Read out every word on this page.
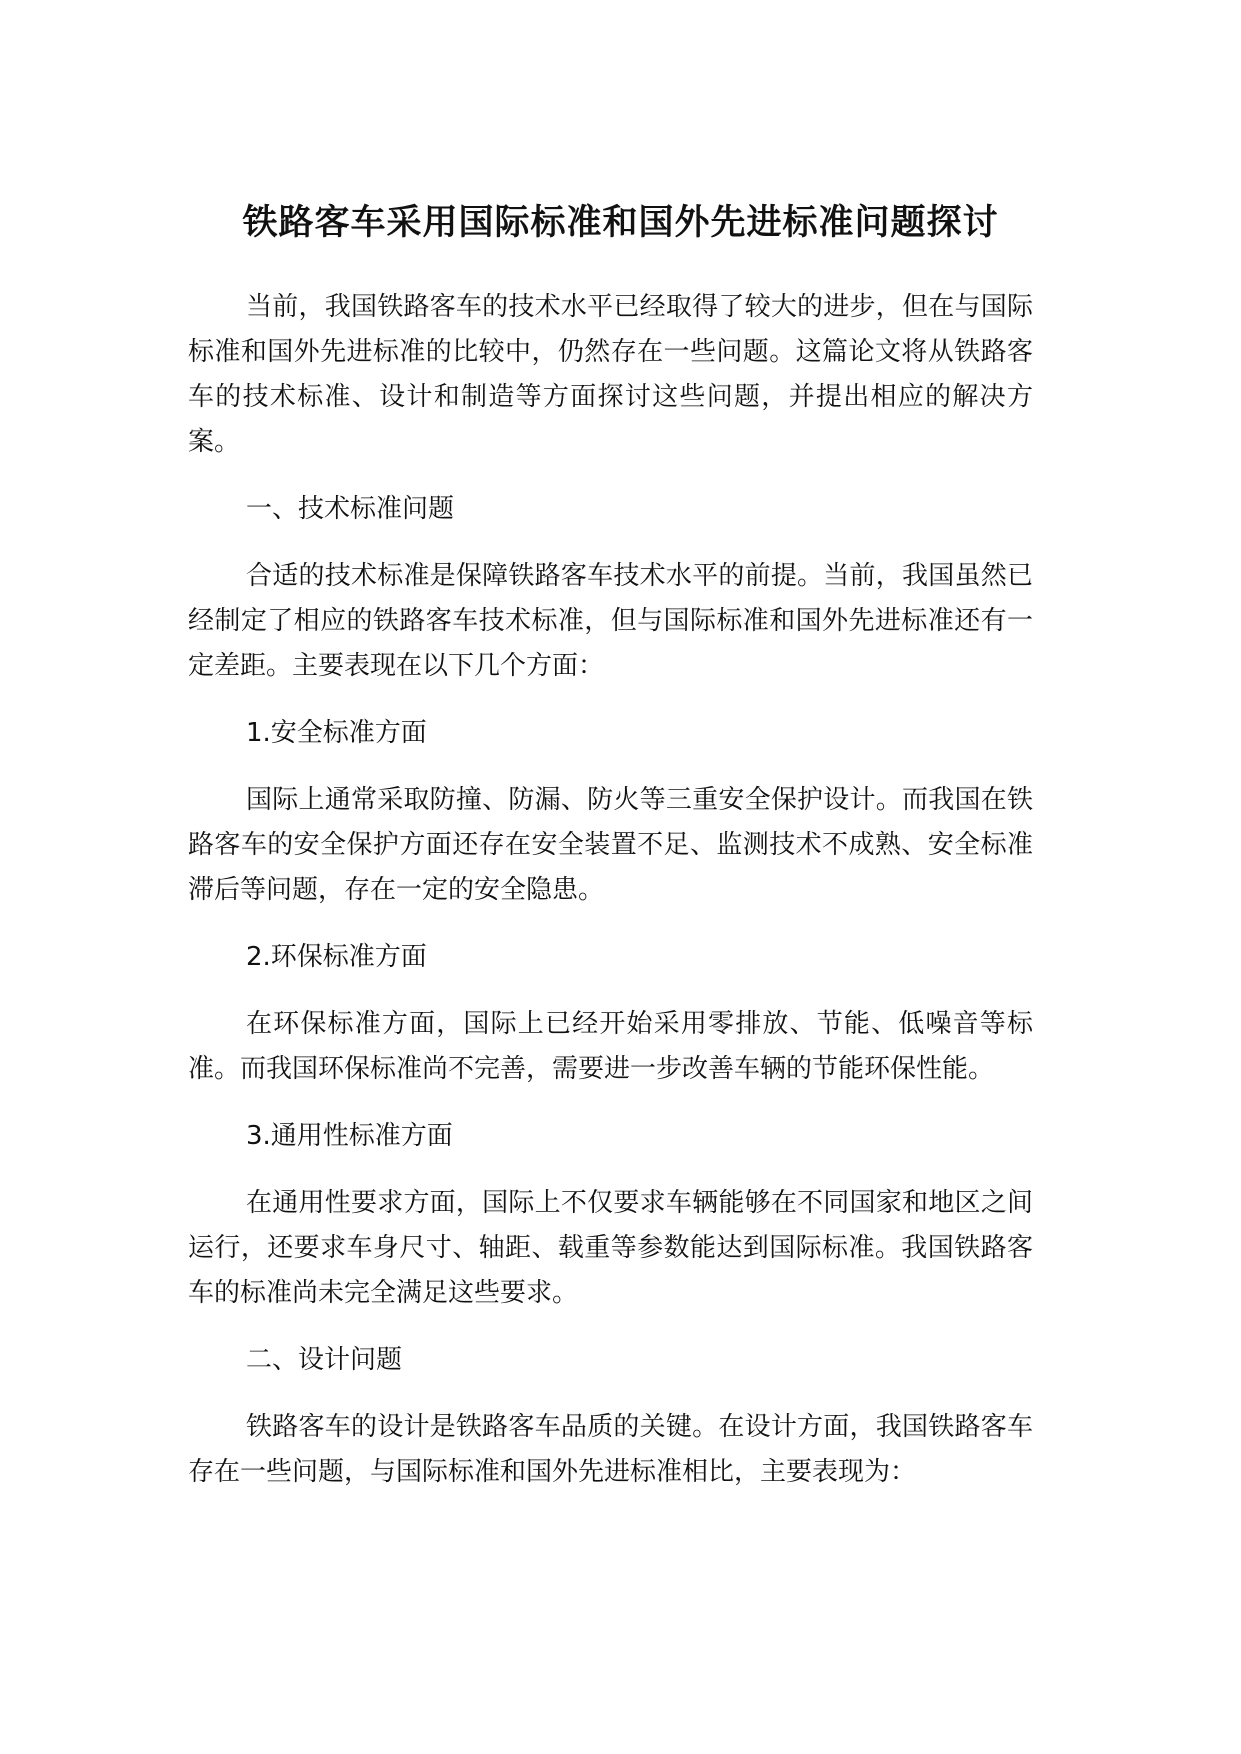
铁路客车采用国际标准和国外先进标准问题探讨

当前，我国铁路客车的技术水平已经取得了较大的进步，但在与国际标准和国外先进标准的比较中，仍然存在一些问题。这篇论文将从铁路客车的技术标准、设计和制造等方面探讨这些问题，并提出相应的解决方案。

一、技术标准问题

合适的技术标准是保障铁路客车技术水平的前提。当前，我国虽然已经制定了相应的铁路客车技术标准，但与国际标准和国外先进标准还有一定差距。主要表现在以下几个方面：

1.安全标准方面

国际上通常采取防撞、防漏、防火等三重安全保护设计。而我国在铁路客车的安全保护方面还存在安全装置不足、监测技术不成熟、安全标准滞后等问题，存在一定的安全隐患。

2.环保标准方面

在环保标准方面，国际上已经开始采用零排放、节能、低噪音等标准。而我国环保标准尚不完善，需要进一步改善车辆的节能环保性能。

3.通用性标准方面

在通用性要求方面，国际上不仅要求车辆能够在不同国家和地区之间运行，还要求车身尺寸、轴距、载重等参数能达到国际标准。我国铁路客车的标准尚未完全满足这些要求。

二、设计问题

铁路客车的设计是铁路客车品质的关键。在设计方面，我国铁路客车存在一些问题，与国际标准和国外先进标准相比，主要表现为：
